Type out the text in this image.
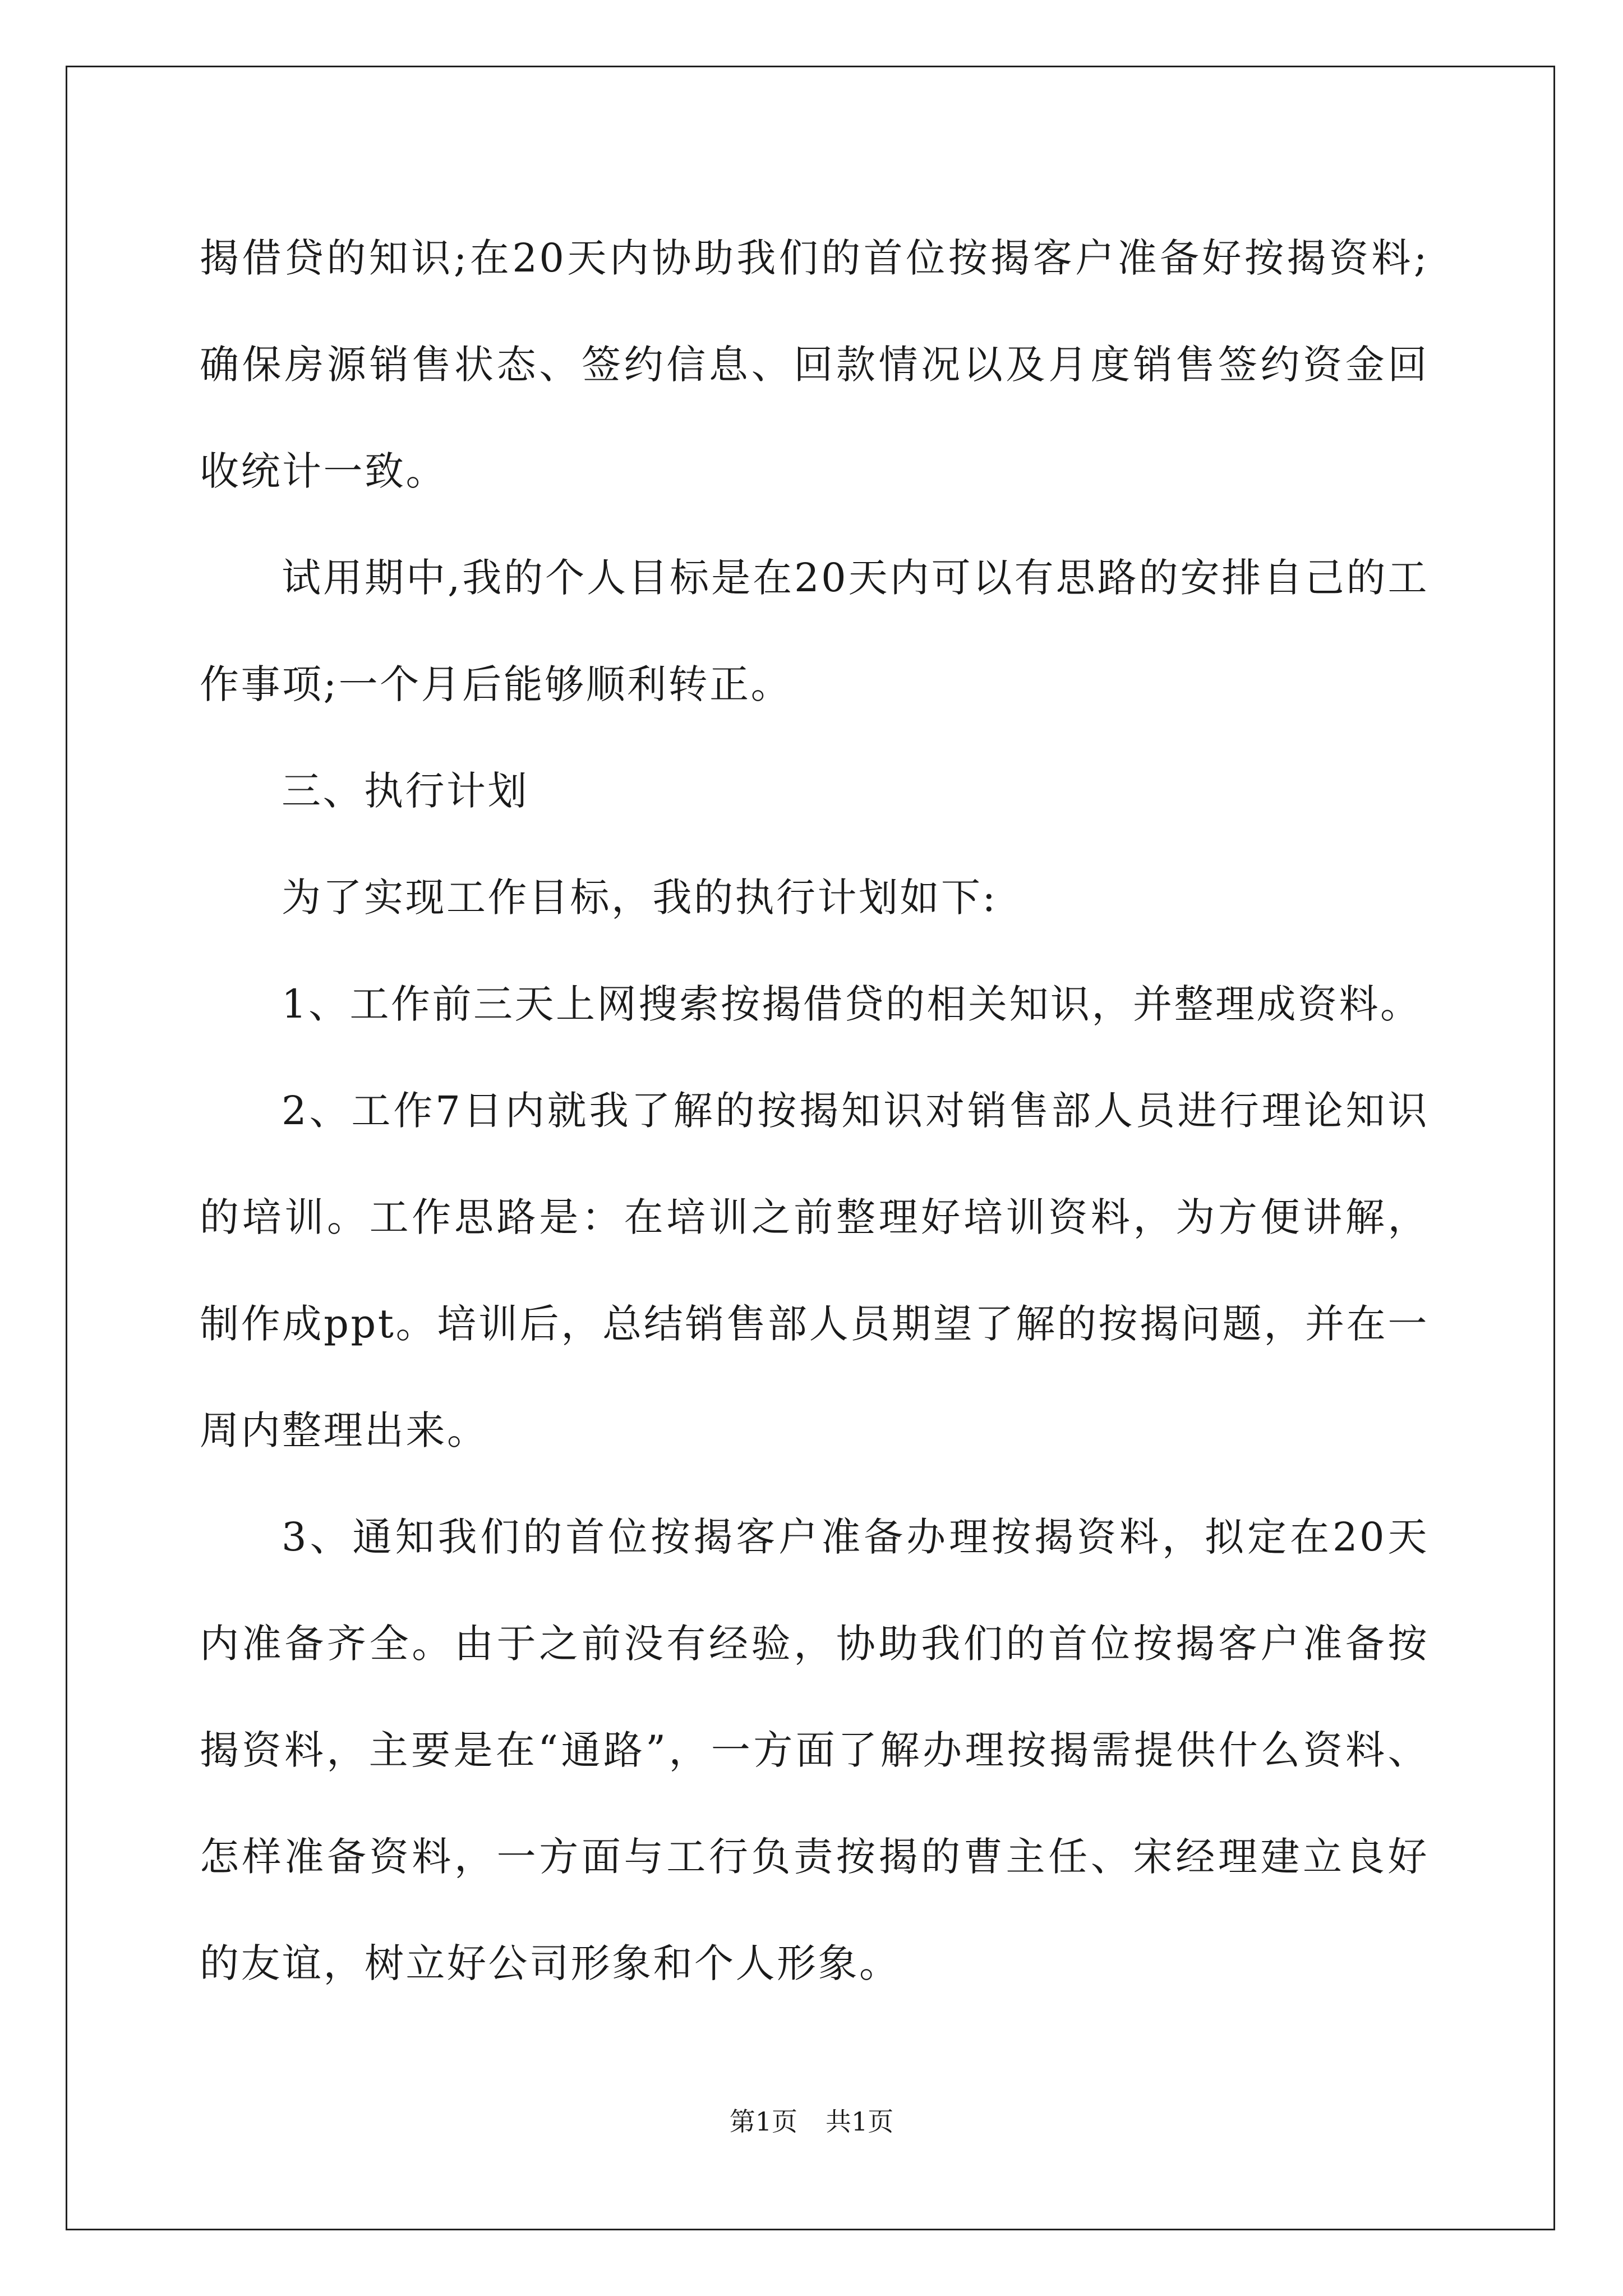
揭借贷的知识;在20天内协助我们的首位按揭客户准备好按揭资料;确保房源销售状态、签约信息、回款情况以及月度销售签约资金回收统计一致。

试用期中,我的个人目标是在20天内可以有思路的安排自己的工作事项;一个月后能够顺利转正。

三、执行计划

为了实现工作目标，我的执行计划如下:

1、工作前三天上网搜索按揭借贷的相关知识，并整理成资料。

2、工作7日内就我了解的按揭知识对销售部人员进行理论知识的培训。工作思路是：在培训之前整理好培训资料，为方便讲解，制作成ppt。培训后，总结销售部人员期望了解的按揭问题，并在一周内整理出来。

3、通知我们的首位按揭客户准备办理按揭资料，拟定在20天内准备齐全。由于之前没有经验，协助我们的首位按揭客户准备按揭资料，主要是在“通路”，一方面了解办理按揭需提供什么资料、怎样准备资料，一方面与工行负责按揭的曹主任、宋经理建立良好的友谊，树立好公司形象和个人形象。

第1页 共1页
